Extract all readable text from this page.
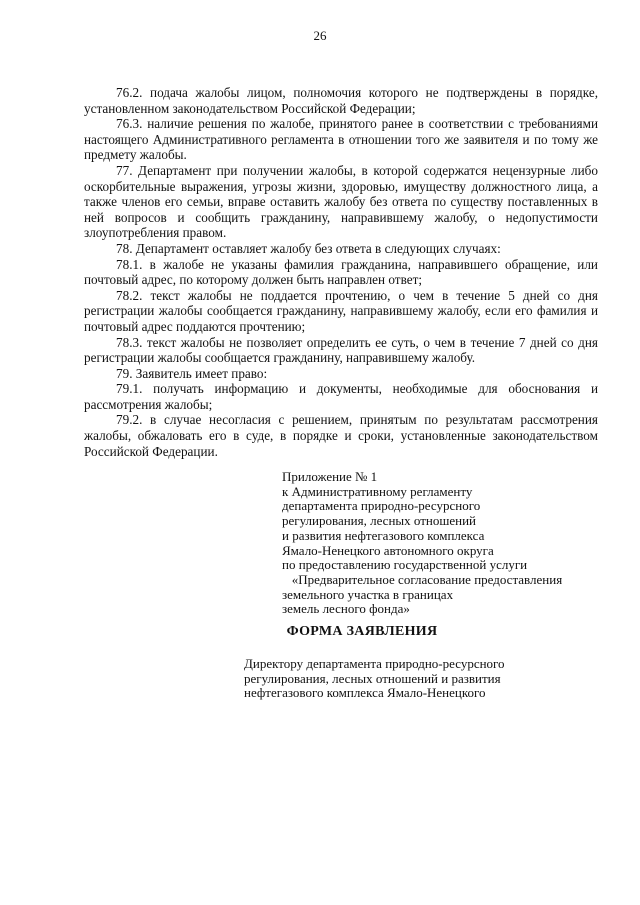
26

76.2. подача жалобы лицом, полномочия которого не подтверждены в порядке, установленном законодательством Российской Федерации;

76.3. наличие решения по жалобе, принятого ранее в соответствии с требованиями настоящего Административного регламента в отношении того же заявителя и по тому же предмету жалобы.

77. Департамент при получении жалобы, в которой содержатся нецензурные либо оскорбительные выражения, угрозы жизни, здоровью, имуществу должностного лица, а также членов его семьи, вправе оставить жалобу без ответа по существу поставленных в ней вопросов и сообщить гражданину, направившему жалобу, о недопустимости злоупотребления правом.

78. Департамент оставляет жалобу без ответа в следующих случаях:

78.1. в жалобе не указаны фамилия гражданина, направившего обращение, или почтовый адрес, по которому должен быть направлен ответ;

78.2. текст жалобы не поддается прочтению, о чем в течение 5 дней со дня регистрации жалобы сообщается гражданину, направившему жалобу, если его фамилия и почтовый адрес поддаются прочтению;

78.3. текст жалобы не позволяет определить ее суть, о чем в течение 7 дней со дня регистрации жалобы сообщается гражданину, направившему жалобу.

79. Заявитель имеет право:

79.1. получать информацию и документы, необходимые для обоснования и рассмотрения жалобы;

79.2. в случае несогласия с решением, принятым по результатам рассмотрения жалобы, обжаловать его в суде, в порядке и сроки, установленные законодательством Российской Федерации.

Приложение № 1
к Административному регламенту
департамента природно-ресурсного
регулирования, лесных отношений
и развития нефтегазового комплекса
Ямало-Ненецкого автономного округа
по предоставлению государственной услуги
«Предварительное согласование предоставления
земельного участка в границах
земель лесного фонда»
ФОРМА ЗАЯВЛЕНИЯ
Директору департамента природно-ресурсного
регулирования, лесных отношений и развития
нефтегазового комплекса Ямало-Ненецкого
